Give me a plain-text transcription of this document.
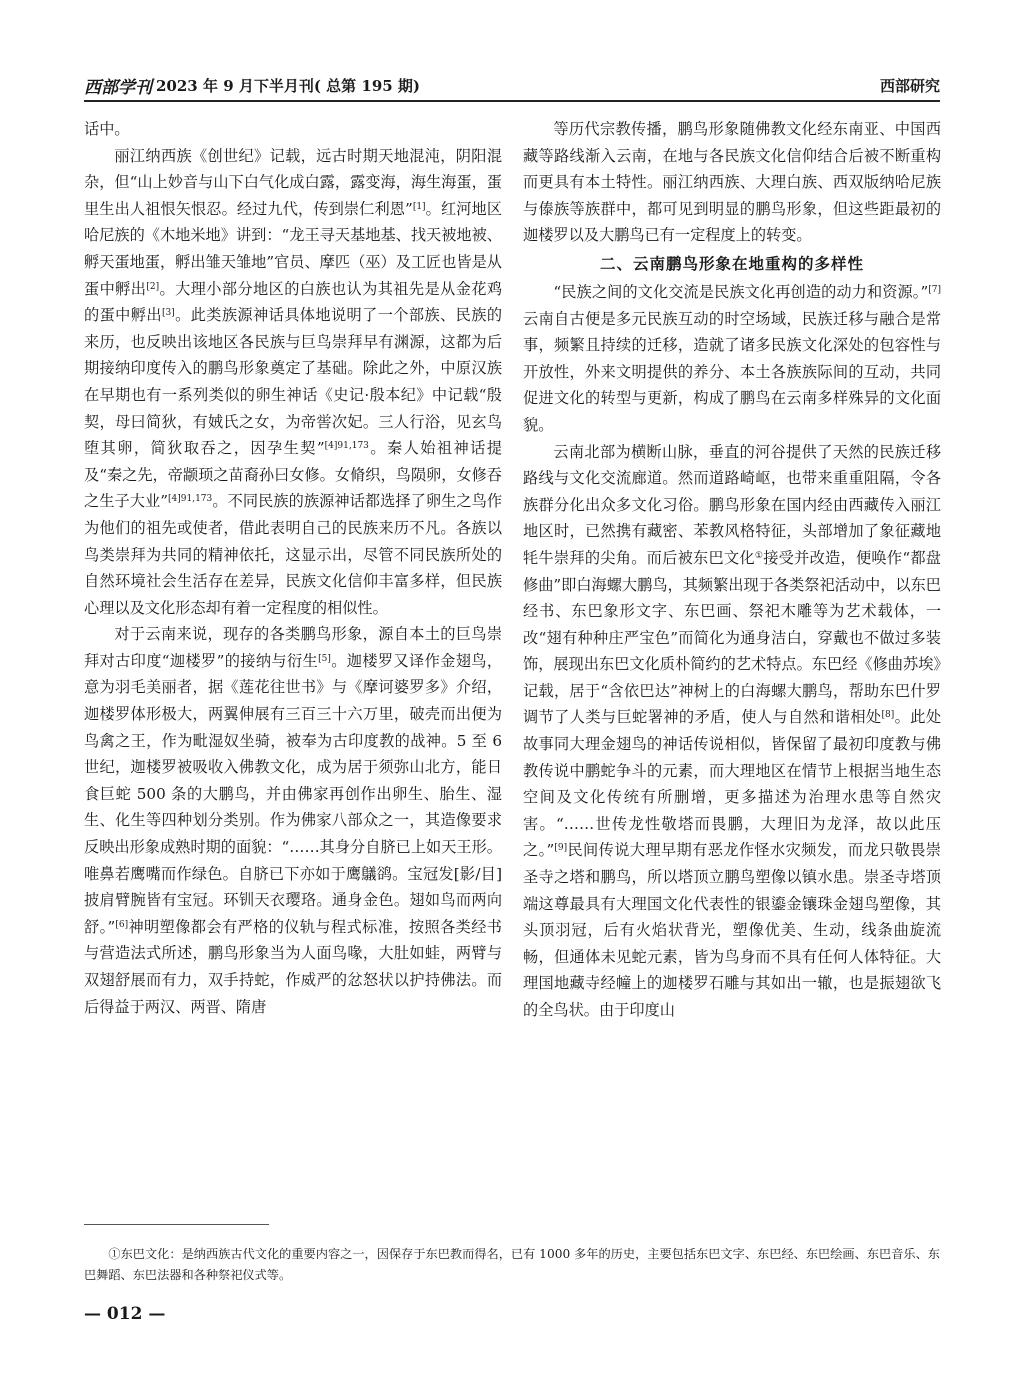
西部学刊 2023 年 9 月下半月刊( 总第 195 期)	西部研究

话中。

丽江纳西族《创世纪》记载，远古时期天地混沌，阴阳混杂，但“山上妙音与山下白气化成白露，露变海，海生海蛋，蛋里生出人祖恨矢恨忍。经过九代，传到崇仁利恩”[1]。红河地区哈尼族的《木地米地》讲到：“龙王寻天基地基、找天被地被、孵天蛋地蛋，孵出雏天雏地”官员、摩匹（巫）及工匠也皆是从蛋中孵出[2]。大理小部分地区的白族也认为其祖先是从金花鸡的蛋中孵出[3]。此类族源神话具体地说明了一个部族、民族的来历，也反映出该地区各民族与巨鸟崇拜早有渊源，这都为后期接纳印度传入的鹏鸟形象奠定了基础。除此之外，中原汉族在早期也有一系列类似的卵生神话《史记·殷本纪》中记载“殷契，母曰简狄，有娀氏之女，为帝喾次妃。三人行浴，见玄鸟堕其卵，简狄取吞之，因孕生契”$^{[4]91,173}$。秦人始祖神话提及“秦之先，帝颛顼之苗裔孙曰女修。女脩织，鸟陨卵，女修吞之生子大业”$^{[4]91,173}$。不同民族的族源神话都选择了卵生之鸟作为他们的祖先或使者，借此表明自己的民族来历不凡。各族以鸟类崇拜为共同的精神依托，这显示出，尽管不同民族所处的自然环境社会生活存在差异，民族文化信仰丰富多样，但民族心理以及文化形态却有着一定程度的相似性。

对于云南来说，现存的各类鹏鸟形象，源自本土的巨鸟崇拜对古印度“迦楼罗”的接纳与衍生[5]。迦楼罗又译作金翅鸟，意为羽毛美丽者，据《莲花往世书》与《摩诃婆罗多》介绍，迦楼罗体形极大，两翼伸展有三百三十六万里，破壳而出便为鸟禽之王，作为毗湿奴坐骑，被奉为古印度教的战神。5 至 6 世纪，迦楼罗被吸收入佛教文化，成为居于须弥山北方，能日食巨蛇 500 条的大鹏鸟，并由佛家再创作出卵生、胎生、湿生、化生等四种划分类别。作为佛家八部众之一，其造像要求反映出形象成熟时期的面貌：“……其身分自脐已上如天王形。唯鼻若鹰嘴而作绿色。自脐已下亦如于鹰鸃鹆。宝冠发[影/目]披肩臂腕皆有宝冠。环钏天衣璎珞。通身金色。翅如鸟而两向舒。”[6]神明塑像都会有严格的仪轨与程式标准，按照各类经书与营造法式所述，鹏鸟形象当为人面鸟喙，大肚如蛙，两臂与双翅舒展而有力，双手持蛇，作威严的忿怒状以护持佛法。而后得益于两汉、两晋、隋唐

等历代宗教传播，鹏鸟形象随佛教文化经东南亚、中国西藏等路线渐入云南，在地与各民族文化信仰结合后被不断重构而更具有本土特性。丽江纳西族、大理白族、西双版纳哈尼族与傣族等族群中，都可见到明显的鹏鸟形象，但这些距最初的迦楼罗以及大鹏鸟已有一定程度上的转变。

二、云南鹏鸟形象在地重构的多样性

“民族之间的文化交流是民族文化再创造的动力和资源。”[7]云南自古便是多元民族互动的时空场域，民族迁移与融合是常事，频繁且持续的迁移，造就了诸多民族文化深处的包容性与开放性，外来文明提供的养分、本土各族族际间的互动，共同促进文化的转型与更新，构成了鹏鸟在云南多样殊异的文化面貌。

云南北部为横断山脉，垂直的河谷提供了天然的民族迁移路线与文化交流廊道。然而道路崎岖，也带来重重阻隔，令各族群分化出众多文化习俗。鹏鸟形象在国内经由西藏传入丽江地区时，已然携有藏密、苯教风格特征，头部增加了象征藏地牦牛崇拜的尖角。而后被东巴文化①接受并改造，便唤作“都盘修曲”即白海螺大鹏鸟，其频繁出现于各类祭祀活动中，以东巴经书、东巴象形文字、东巴画、祭祀木雕等为艺术载体，一改“翅有种种庄严宝色”而简化为通身洁白，穿戴也不做过多装饰，展现出东巴文化质朴简约的艺术特点。东巴经《修曲苏埃》记载，居于“含依巴达”神树上的白海螺大鹏鸟，帮助东巴什罗调节了人类与巨蛇署神的矛盾，使人与自然和谐相处[8]。此处故事同大理金翅鸟的神话传说相似，皆保留了最初印度教与佛教传说中鹏蛇争斗的元素，而大理地区在情节上根据当地生态空间及文化传统有所删增，更多描述为治理水患等自然灾害。“……世传龙性敬塔而畏鹏，大理旧为龙泽，故以此压之。”[9]民间传说大理早期有恶龙作怪水灾频发，而龙只敬畏崇圣寺之塔和鹏鸟，所以塔顶立鹏鸟塑像以镇水患。崇圣寺塔顶端这尊最具有大理国文化代表性的银鎏金镶珠金翅鸟塑像，其头顶羽冠，后有火焰状背光，塑像优美、生动，线条曲旋流畅，但通体未见蛇元素，皆为鸟身而不具有任何人体特征。大理国地藏寺经幢上的迦楼罗石雕与其如出一辙，也是振翅欲飞的全鸟状。由于印度山

①东巴文化：是纳西族古代文化的重要内容之一，因保存于东巴教而得名，已有 1000 多年的历史，主要包括东巴文字、东巴经、东巴绘画、东巴音乐、东巴舞蹈、东巴法器和各种祭祀仪式等。
— 012 —
